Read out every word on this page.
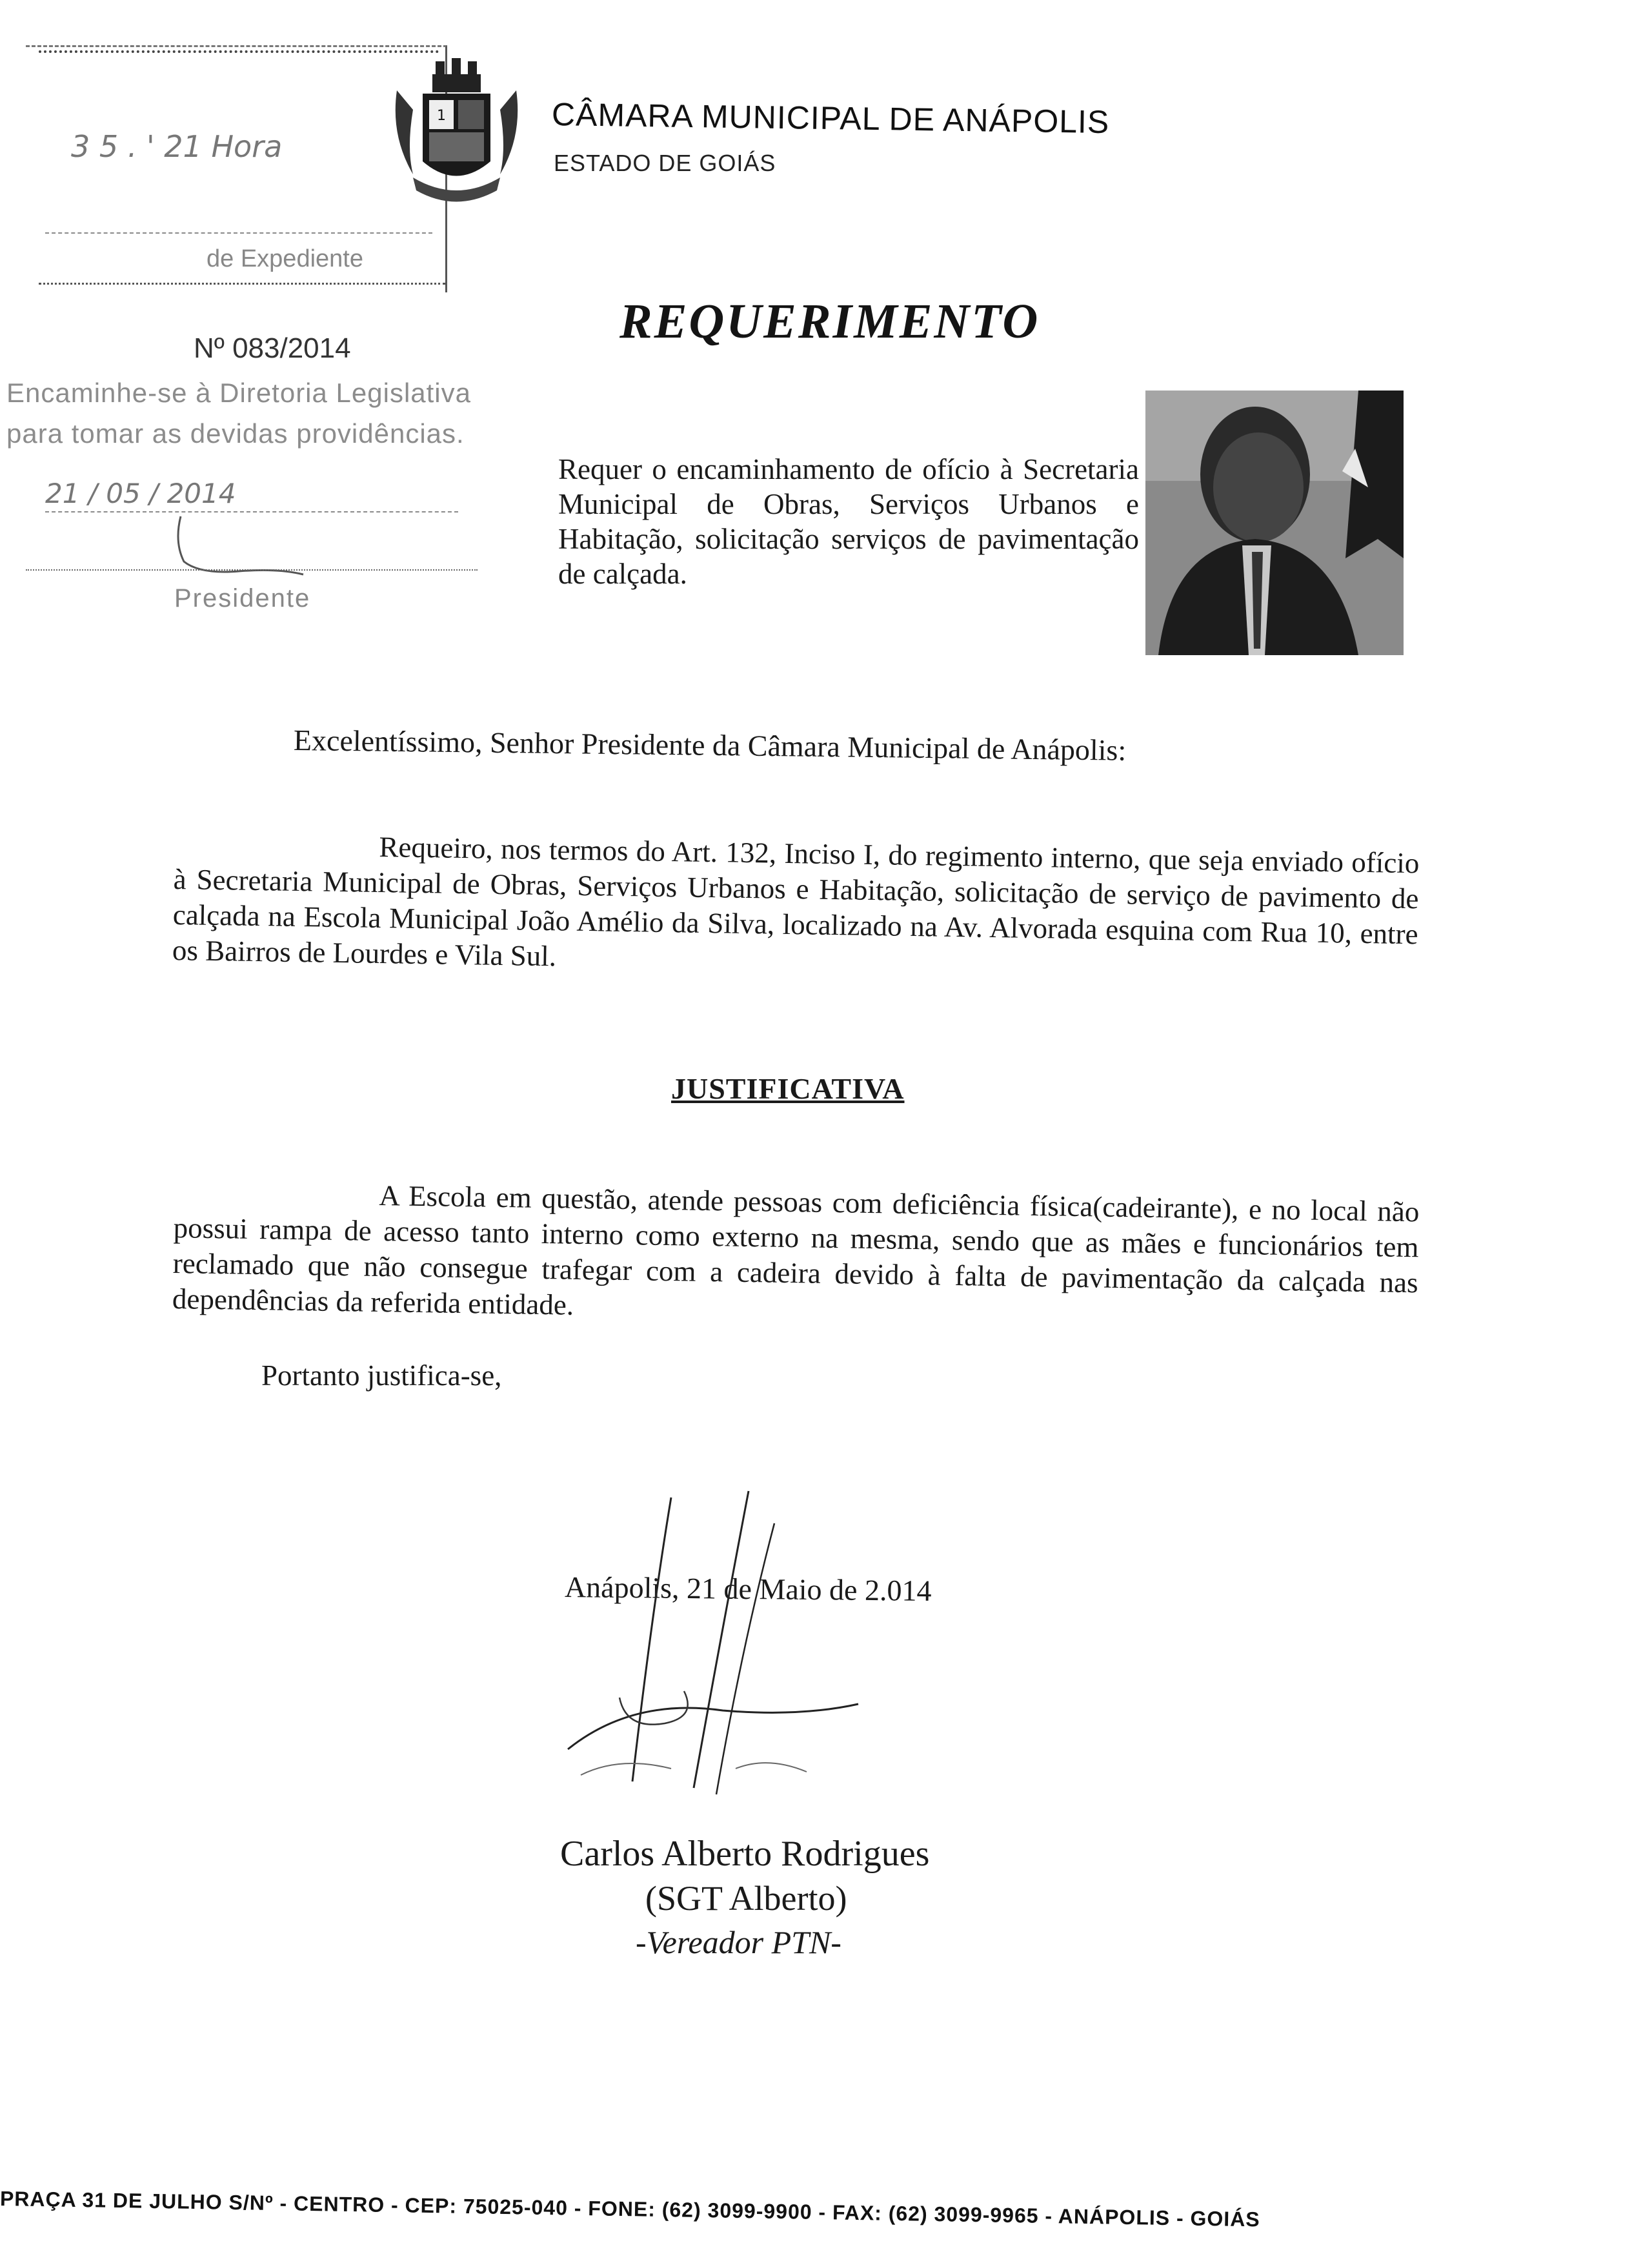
3 5 . ' 21 Hora
de Expediente
Nº 083/2014
Encaminhe-se à Diretoria Legislativa
para tomar as devidas providências.
21 / 05 / 2014
Presidente
1	CÂMARA MUNICIPAL DE ANÁPOLIS
ESTADO DE GOIÁS
REQUERIMENTO
Requer o encaminhamento de ofício à Secretaria Municipal de Obras, Serviços Urbanos e Habitação, solicitação serviços de pavimentação de calçada.
Excelentíssimo, Senhor Presidente da Câmara Municipal de Anápolis:
Requeiro, nos termos do Art. 132, Inciso I, do regimento interno, que seja enviado ofício à Secretaria Municipal de Obras, Serviços Urbanos e Habitação, solicitação de serviço de pavimento de calçada na Escola Municipal João Amélio da Silva, localizado na Av. Alvorada esquina com Rua 10, entre os Bairros de Lourdes e Vila Sul.
JUSTIFICATIVA
A Escola em questão, atende pessoas com deficiência física(cadeirante), e no local não possui rampa de acesso tanto interno como externo na mesma, sendo que as mães e funcionários tem reclamado que não consegue trafegar com a cadeira devido à falta de pavimentação da calçada nas dependências da referida entidade.
Portanto justifica-se,
Anápolis, 21 de Maio de 2.014
Carlos Alberto Rodrigues
(SGT Alberto)
-Vereador PTN-
PRAÇA 31 DE JULHO S/Nº - CENTRO - CEP: 75025-040 - FONE: (62) 3099-9900 - FAX: (62) 3099-9965 - ANÁPOLIS - GOIÁS
